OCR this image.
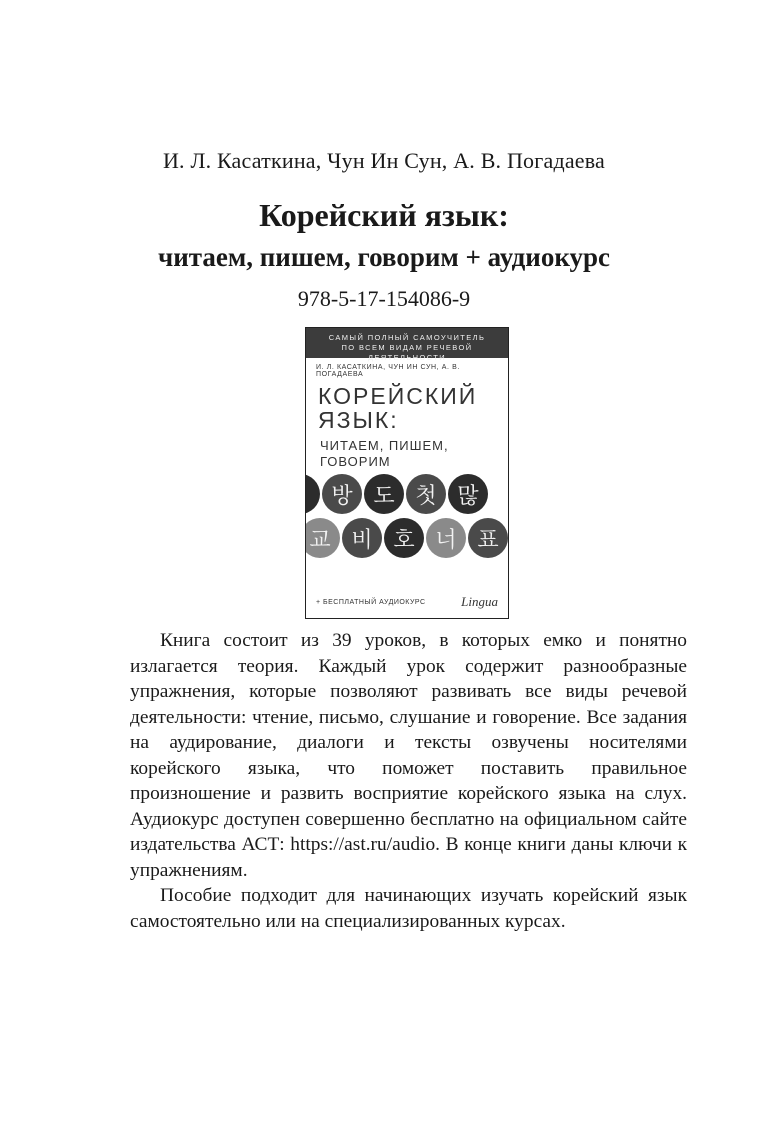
И. Л. Касаткина, Чун Ин Сун, А. В. Погадаева
Корейский язык:
читаем, пишем, говорим + аудиокурс
978-5-17-154086-9
САМЫЙ ПОЛНЫЙ САМОУЧИТЕЛЬ
ПО ВСЕМ ВИДАМ РЕЧЕВОЙ ДЕЯТЕЛЬНОСТИ
И. Л. КАСАТКИНА, ЧУН ИН СУН, А. В. ПОГАДАЕВА
КОРЕЙСКИЙ
ЯЗЫК:
ЧИТАЕМ, ПИШЕМ,
ГОВОРИМ
방 도 첫 많
교 비 호 너 표
+ БЕСПЛАТНЫЙ АУДИОКУРС	Lingua

Книга состоит из 39 уроков, в которых емко и понятно излагается теория. Каждый урок содержит разнообразные упражнения, которые позволяют развивать все виды речевой деятельности: чтение, письмо, слушание и говорение. Все задания на аудирование, диалоги и тексты озвучены носителями корейского языка, что поможет поставить правильное произношение и развить восприятие корейского языка на слух. Аудиокурс доступен совершенно бесплатно на официальном сайте издательства АСТ: https://ast.ru/audio. В конце книги даны ключи к упражнениям.

Пособие подходит для начинающих изучать корейский язык самостоятельно или на специализированных курсах.
